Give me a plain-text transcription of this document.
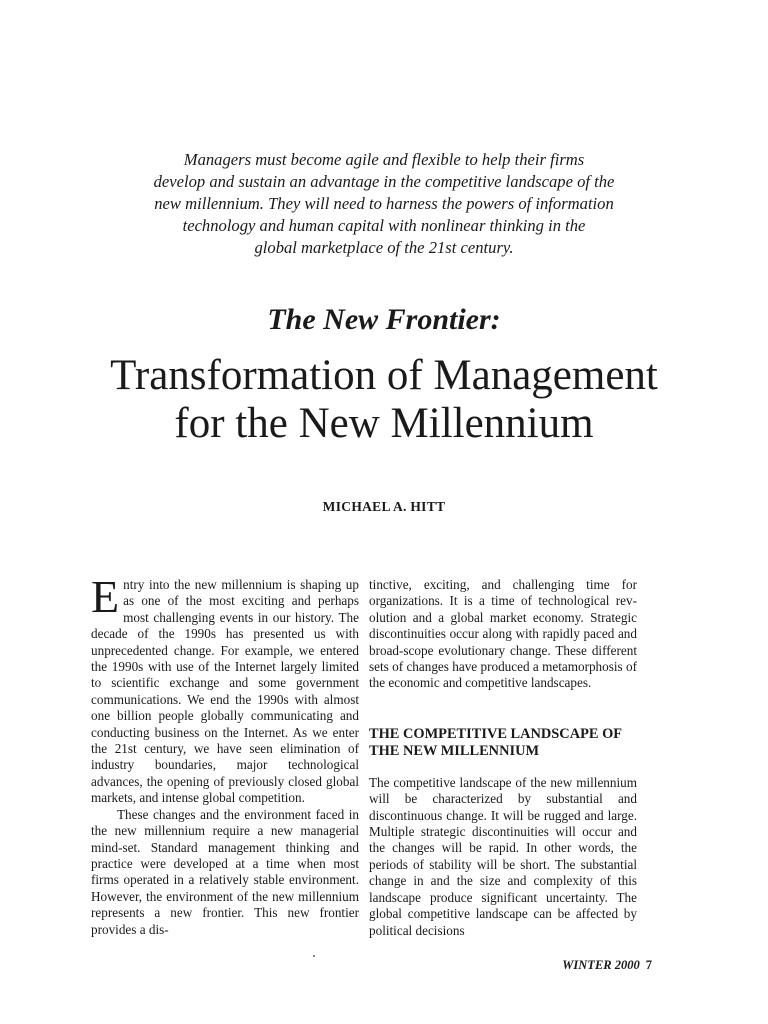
Managers must become agile and flexible to help their firms
develop and sustain an advantage in the competitive landscape of the
new millennium. They will need to harness the powers of information
technology and human capital with nonlinear thinking in the
global marketplace of the 21st century.
The New Frontier:
Transformation of Management
for the New Millennium
MICHAEL A. HITT

Entry into the new millennium is shaping up as one of the most exciting and perhaps most challenging events in our history. The decade of the 1990s has presented us with unprecedented change. For example, we entered the 1990s with use of the Internet largely limited to scientific exchange and some government communications. We end the 1990s with almost one billion people globally communicating and conducting business on the Internet. As we enter the 21st century, we have seen elimination of industry boundaries, major technological advances, the opening of previously closed global markets, and intense global competition.

These changes and the environment faced in the new millennium require a new managerial mind-set. Standard management thinking and practice were developed at a time when most firms operated in a relatively stable environment. However, the environment of the new millennium represents a new frontier. This new frontier provides a dis-

tinctive, exciting, and challenging time for organizations. It is a time of technological revolution and a global market economy. Strategic discontinuities occur along with rapidly paced and broad-scope evolutionary change. These different sets of changes have produced a metamorphosis of the economic and competitive landscapes.

THE COMPETITIVE LANDSCAPE OF
THE NEW MILLENNIUM

The competitive landscape of the new millennium will be characterized by substantial and discontinuous change. It will be rugged and large. Multiple strategic discontinuities will occur and the changes will be rapid. In other words, the periods of stability will be short. The substantial change in and the size and complexity of this landscape produce significant uncertainty. The global competitive landscape can be affected by political decisions

WINTER 2000 7
